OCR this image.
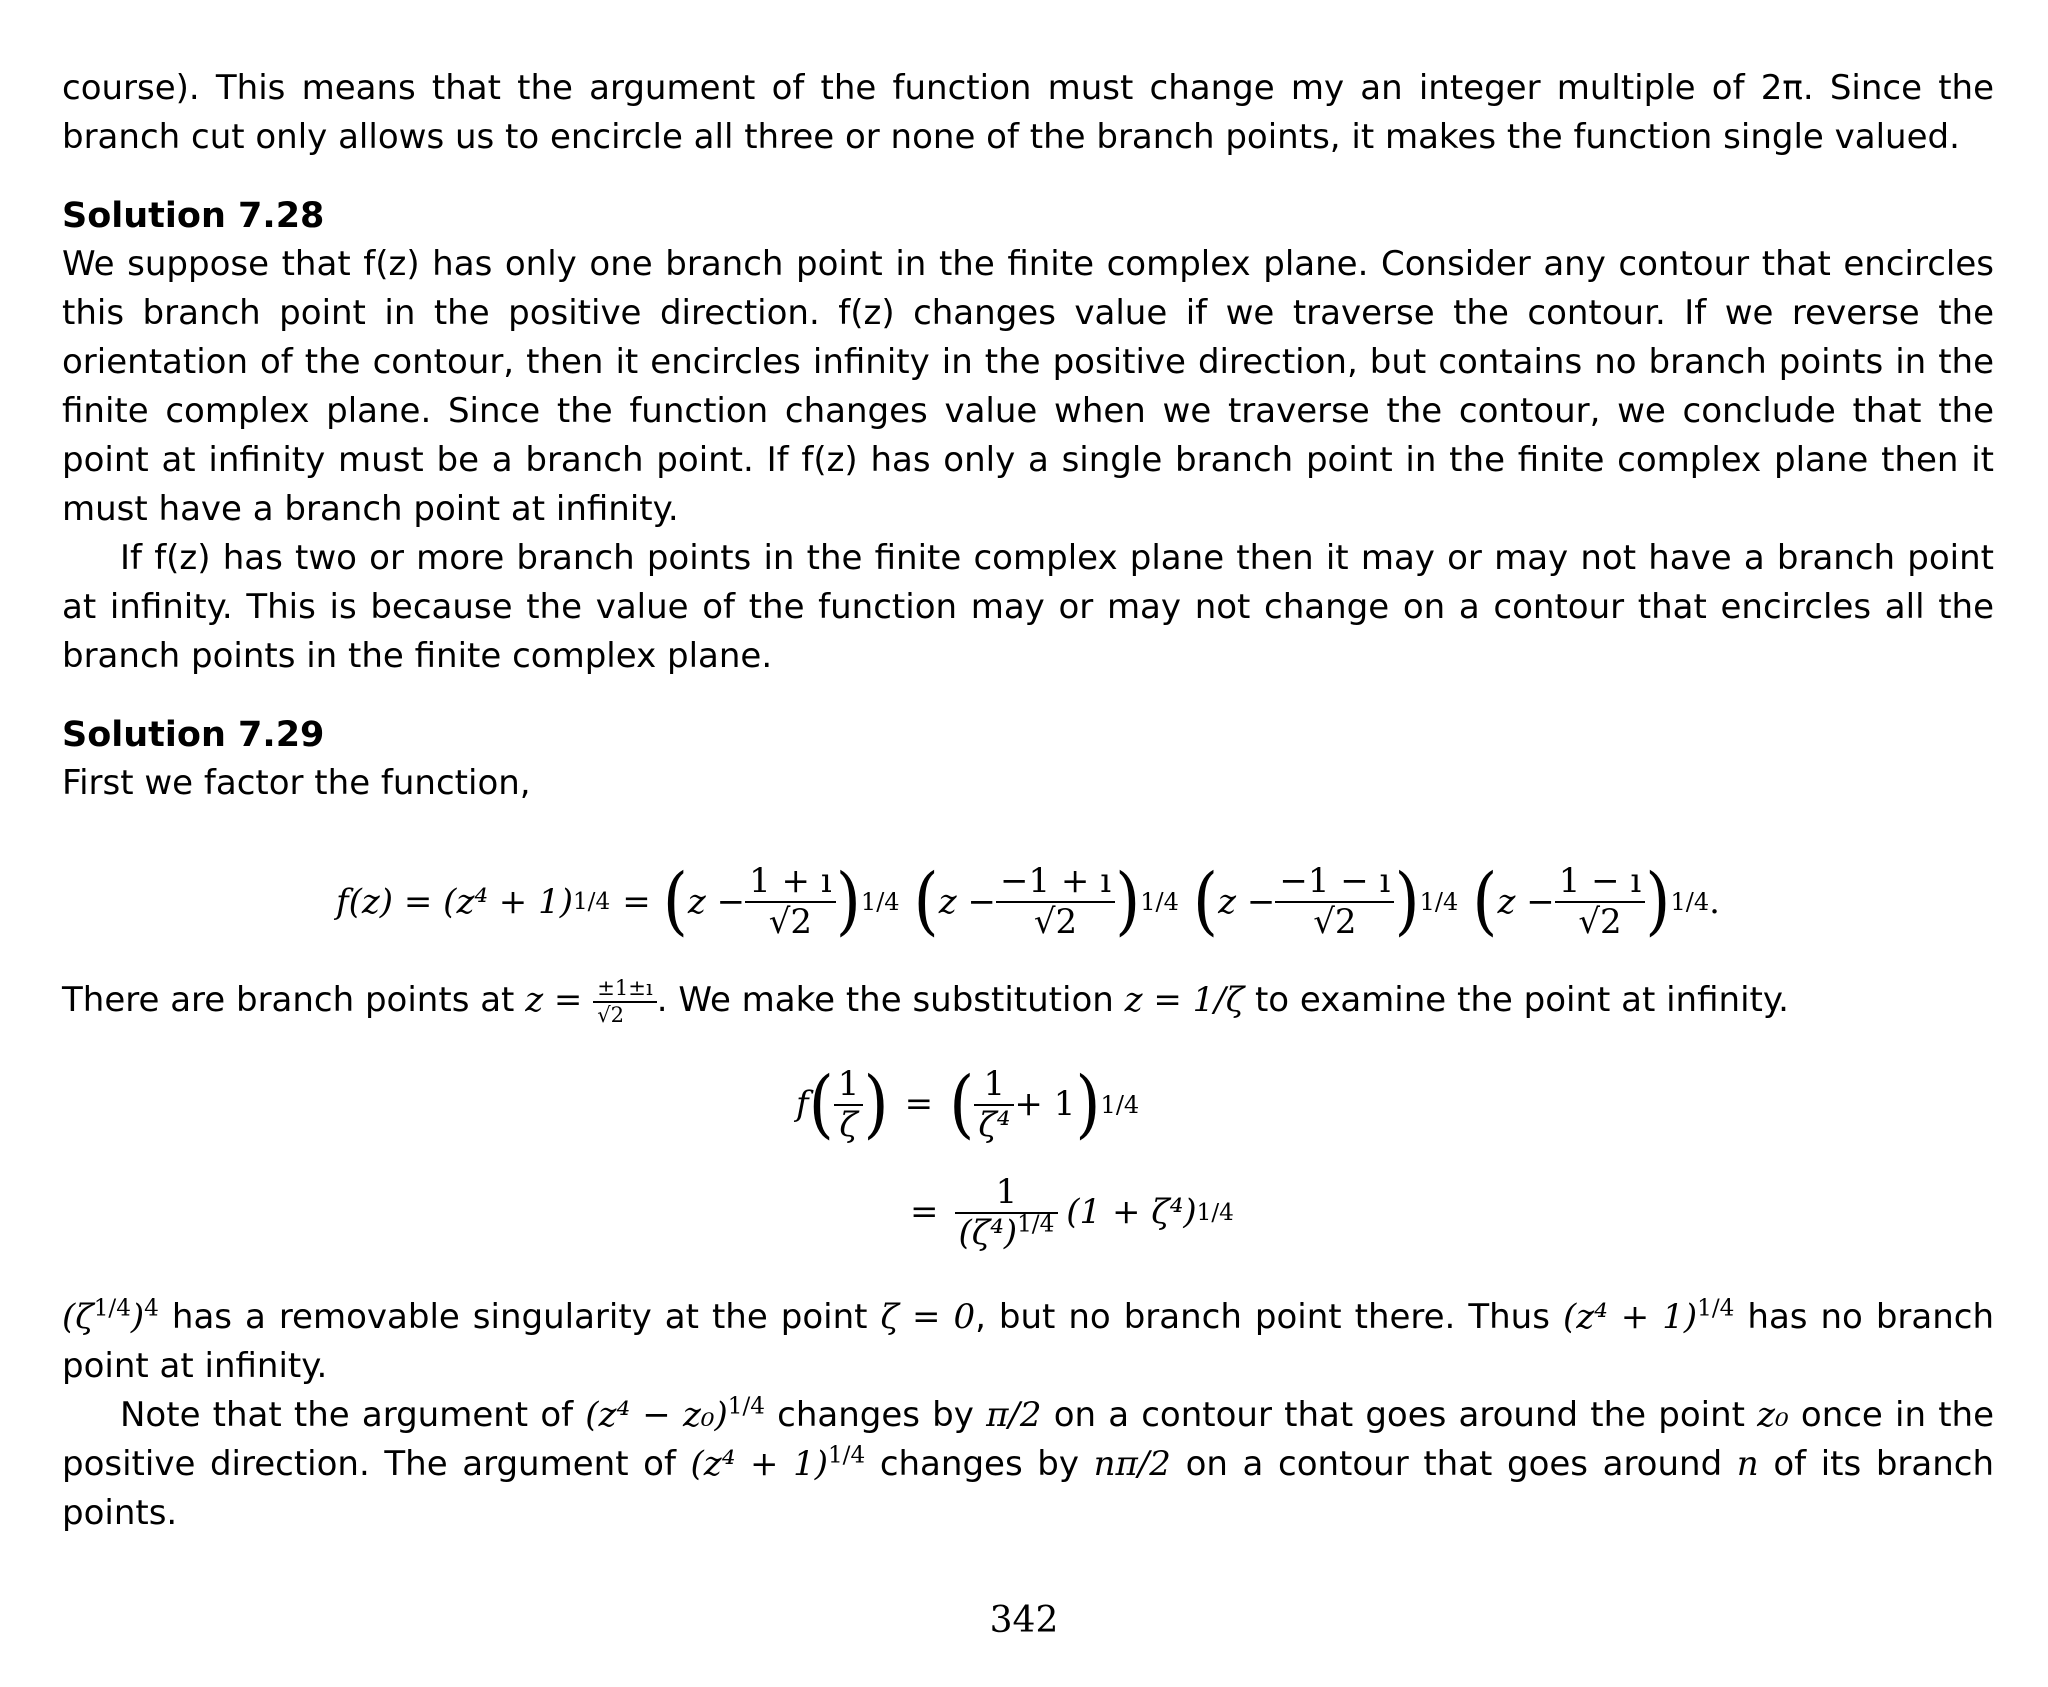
course). This means that the argument of the function must change my an integer multiple of 2π. Since the branch cut only allows us to encircle all three or none of the branch points, it makes the function single valued.

Solution 7.28

We suppose that f(z) has only one branch point in the finite complex plane. Consider any contour that encircles this branch point in the positive direction. f(z) changes value if we traverse the contour. If we reverse the orientation of the contour, then it encircles infinity in the positive direction, but contains no branch points in the finite complex plane. Since the function changes value when we traverse the contour, we conclude that the point at infinity must be a branch point. If f(z) has only a single branch point in the finite complex plane then it must have a branch point at infinity.

If f(z) has two or more branch points in the finite complex plane then it may or may not have a branch point at infinity. This is because the value of the function may or may not change on a contour that encircles all the branch points in the finite complex plane.

Solution 7.29

First we factor the function,

f(z) = (z⁴ + 1) 1/4 = ( $z - \frac{1 + ı}{√2}$ ) 1/4 ( $z - \frac{-1 + ı}{√2}$ ) 1/4 ( $z - \frac{-1 - ı}{√2}$ ) 1/4 ( $z - \frac{1 - ı}{√2}$ ) 1/4 .

There are branch points at $z = \frac{\pm 1\pm ı}{√2}$ . We make the substitution z = 1/ζ to examine the point at infinity.

f ( $\frac{1}{\zeta}$ ) = ( $\frac{1}{\text{ζ⁴}} + 1$ ) 1/4
= $\frac{1}{(\zeta^4)^{1/4}} (1 + \zeta^4)$ 1/4

$(\zeta^{1/4})^4$ has a removable singularity at the point ζ = 0, but no branch point there. Thus $(z^4 + 1)^{1/4}$ has no branch point at infinity.

Note that the argument of $(z^4 - z_0)^{1/4}$ changes by π/2 on a contour that goes around the point z₀ once in the positive direction. The argument of $(z^4 + 1)^{1/4}$ changes by nπ/2 on a contour that goes around n of its branch points.

342
